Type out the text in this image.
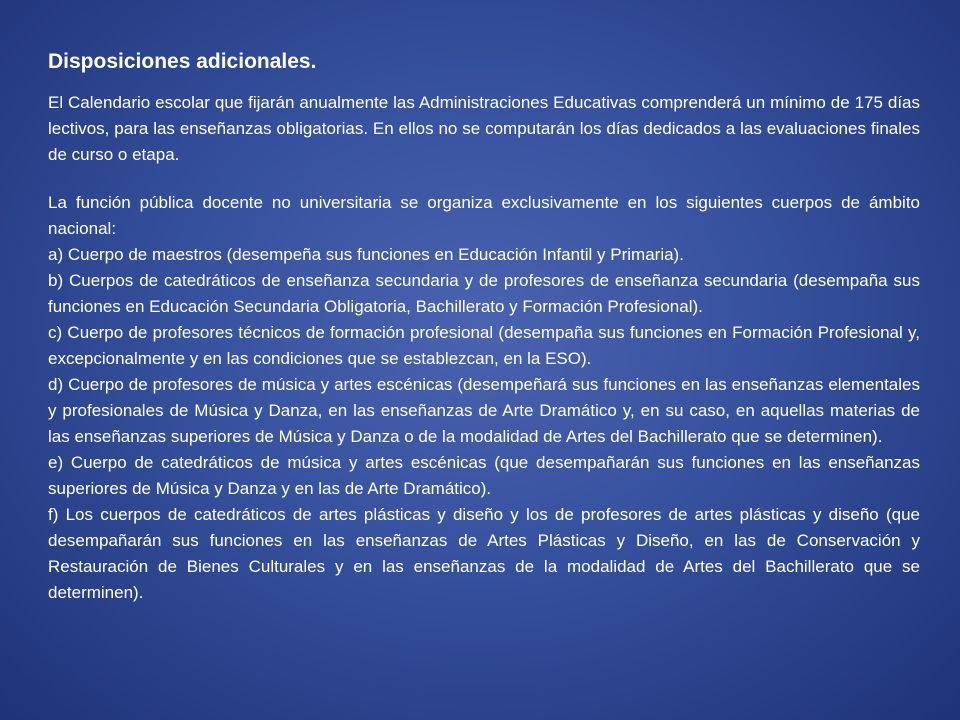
Disposiciones adicionales.

El Calendario escolar que fijarán anualmente las Administraciones Educativas comprenderá un mínimo de 175 días lectivos, para las enseñanzas obligatorias. En ellos no se computarán los días dedicados a las evaluaciones finales de curso o etapa.

La función pública docente no universitaria se organiza exclusivamente en los siguientes cuerpos de ámbito nacional:

a) Cuerpo de maestros (desempeña sus funciones en Educación Infantil y Primaria).

b) Cuerpos de catedráticos de enseñanza secundaria y de profesores de enseñanza secundaria (desempaña sus funciones en Educación Secundaria Obligatoria, Bachillerato y Formación Profesional).

c) Cuerpo de profesores técnicos de formación profesional (desempaña sus funciones en Formación Profesional y, excepcionalmente y en las condiciones que se establezcan, en la ESO).

d) Cuerpo de profesores de música y artes escénicas (desempeñará sus funciones en las enseñanzas elementales y profesionales de Música y Danza, en las enseñanzas de Arte Dramático y, en su caso, en aquellas materias de las enseñanzas superiores de Música y Danza o de la modalidad de Artes del Bachillerato que se determinen).

e) Cuerpo de catedráticos de música y artes escénicas (que desempañarán sus funciones en las enseñanzas superiores de Música y Danza y en las de Arte Dramático).

f) Los cuerpos de catedráticos de artes plásticas y diseño y los de profesores de artes plásticas y diseño (que desempañarán sus funciones en las enseñanzas de Artes Plásticas y Diseño, en las de Conservación y Restauración de Bienes Culturales y en las enseñanzas de la modalidad de Artes del Bachillerato que se determinen).
